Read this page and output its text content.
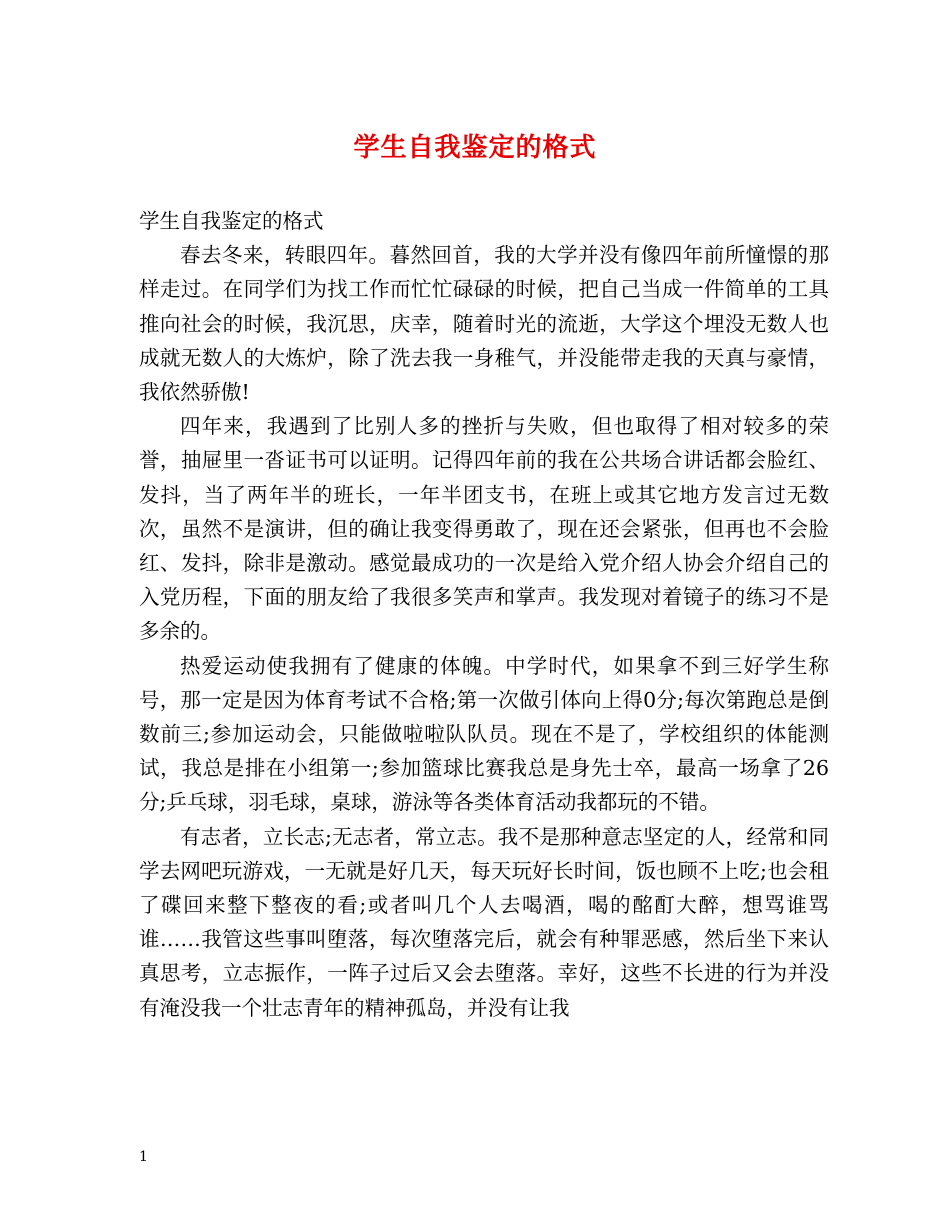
学生自我鉴定的格式

学生自我鉴定的格式

春去冬来，转眼四年。暮然回首，我的大学并没有像四年前所憧憬的那样走过。在同学们为找工作而忙忙碌碌的时候，把自己当成一件简单的工具推向社会的时候，我沉思，庆幸，随着时光的流逝，大学这个埋没无数人也成就无数人的大炼炉，除了洗去我一身稚气，并没能带走我的天真与豪情，我依然骄傲!

四年来，我遇到了比别人多的挫折与失败，但也取得了相对较多的荣誉，抽屉里一沓证书可以证明。记得四年前的我在公共场合讲话都会脸红、发抖，当了两年半的班长，一年半团支书，在班上或其它地方发言过无数次，虽然不是演讲，但的确让我变得勇敢了，现在还会紧张，但再也不会脸红、发抖，除非是激动。感觉最成功的一次是给入党介绍人协会介绍自己的入党历程，下面的朋友给了我很多笑声和掌声。我发现对着镜子的练习不是多余的。

热爱运动使我拥有了健康的体魄。中学时代，如果拿不到三好学生称号，那一定是因为体育考试不合格;第一次做引体向上得0分;每次第跑总是倒数前三;参加运动会，只能做啦啦队队员。现在不是了，学校组织的体能测试，我总是排在小组第一;参加篮球比赛我总是身先士卒，最高一场拿了26分;乒乓球，羽毛球，桌球，游泳等各类体育活动我都玩的不错。

有志者，立长志;无志者，常立志。我不是那种意志坚定的人，经常和同学去网吧玩游戏，一无就是好几天，每天玩好长时间，饭也顾不上吃;也会租了碟回来整下整夜的看;或者叫几个人去喝酒，喝的酩酊大醉，想骂谁骂谁……我管这些事叫堕落，每次堕落完后，就会有种罪恶感，然后坐下来认真思考，立志振作，一阵子过后又会去堕落。幸好，这些不长进的行为并没有淹没我一个壮志青年的精神孤岛，并没有让我

1
